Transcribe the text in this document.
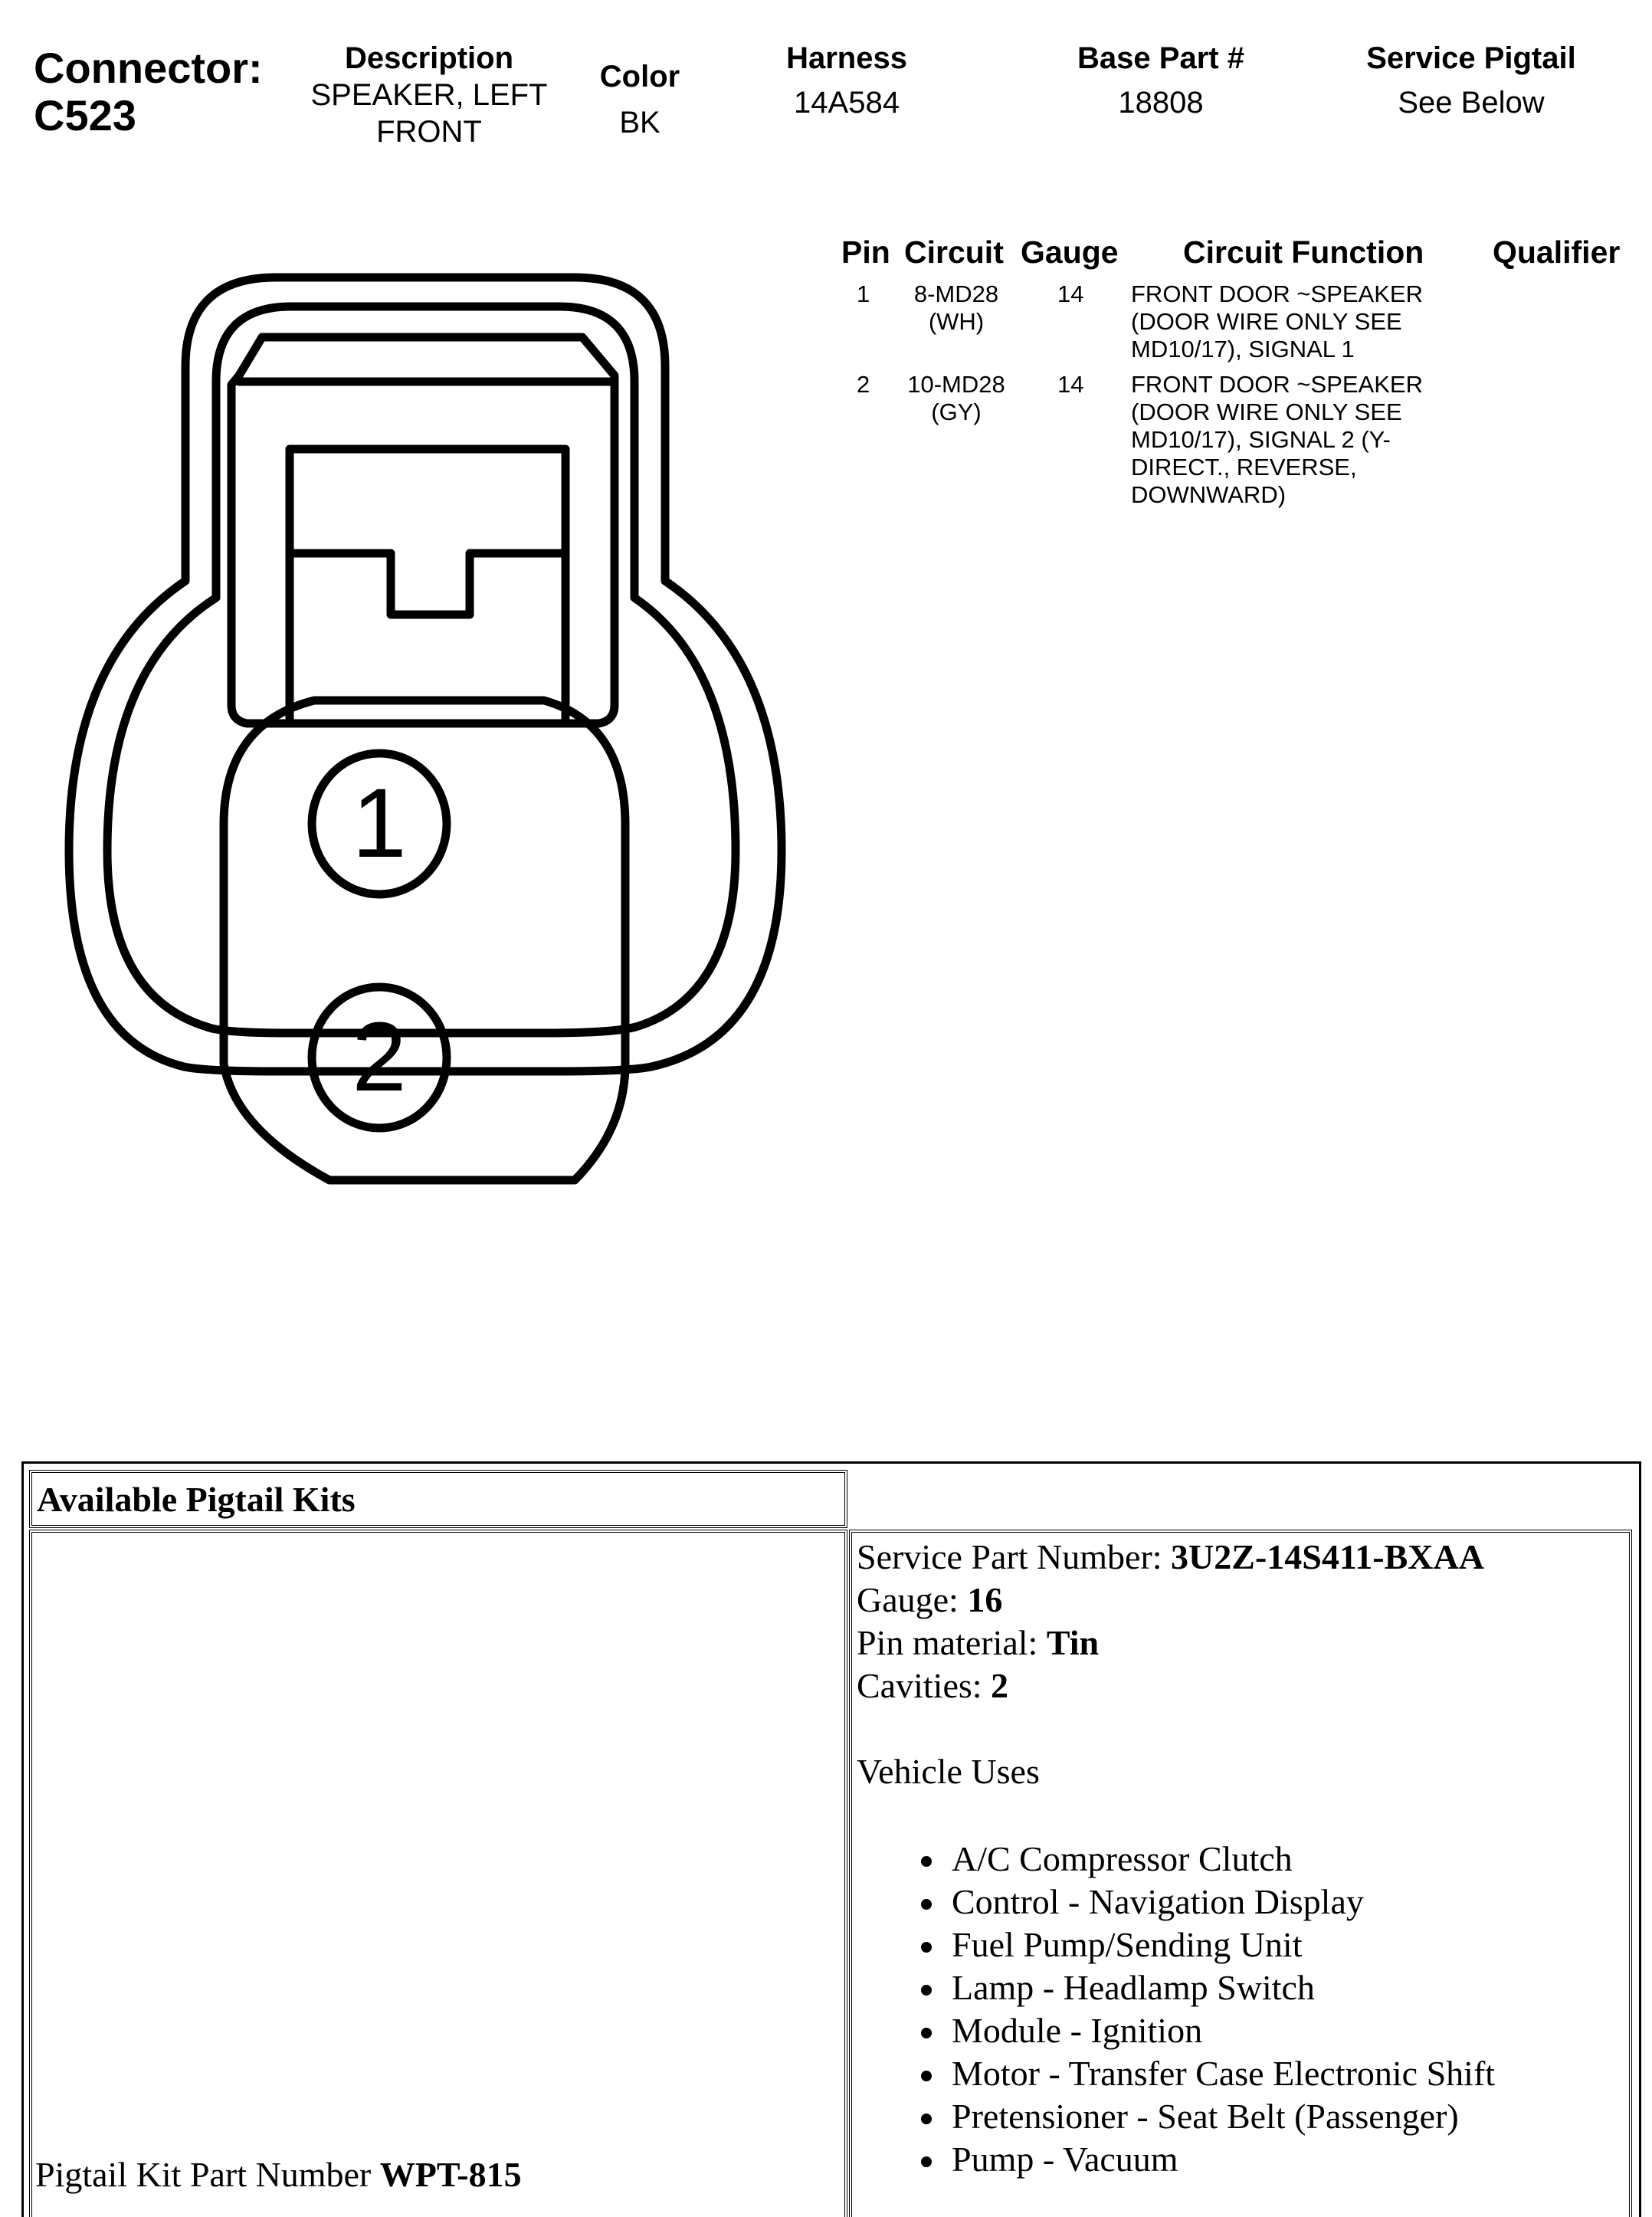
Connector:
C523
Description
SPEAKER, LEFT FRONT
Color
BK
Harness
14A584
Base Part #
18808
Service Pigtail
See Below
Pin Circuit Gauge Circuit Function Qualifier
1	8-MD28
(WH)
14 FRONT DOOR ~SPEAKER
(DOOR WIRE ONLY SEE
MD10/17), SIGNAL 1
2	10-MD28
(GY)
14 FRONT DOOR ~SPEAKER
(DOOR WIRE ONLY SEE
MD10/17), SIGNAL 2 (Y-
DIRECT., REVERSE,
DOWNWARD)
1
2
Available Pigtail Kits
Pigtail Kit Part Number WPT-815
Service Part Number: 3U2Z-14S411-BXAA
Gauge: 16
Pin material: Tin
Cavities: 2
Vehicle Uses
A/C Compressor Clutch
Control - Navigation Display
Fuel Pump/Sending Unit
Lamp - Headlamp Switch
Module - Ignition
Motor - Transfer Case Electronic Shift
Pretensioner - Seat Belt (Passenger)
Pump - Vacuum
